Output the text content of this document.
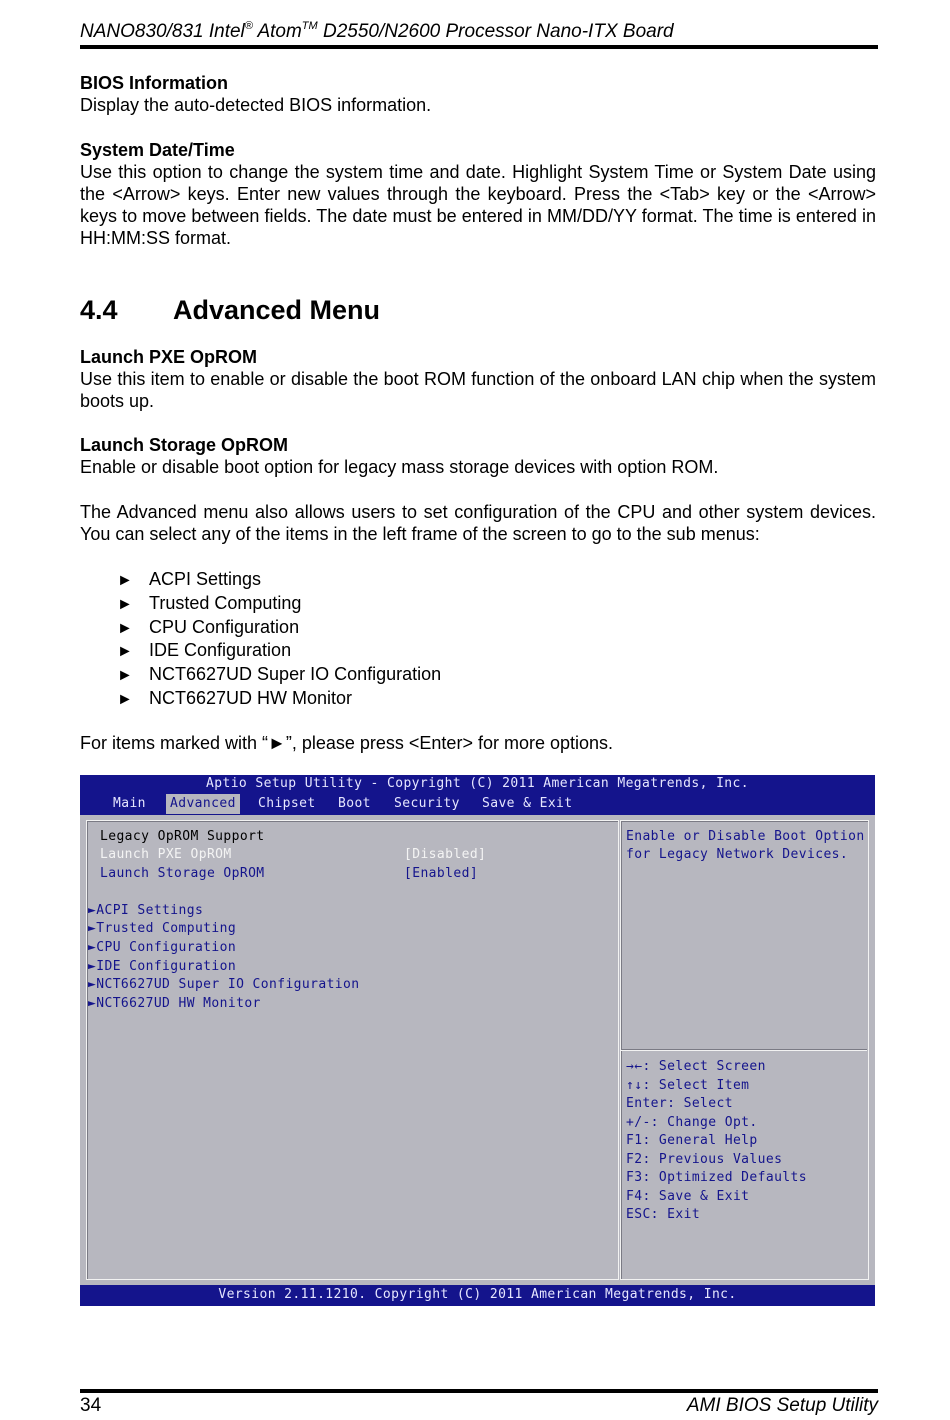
NANO830/831 Intel® Atom™ D2550/N2600 Processor Nano-ITX Board
BIOS Information

Display the auto-detected BIOS information.

System Date/Time

Use this option to change the system time and date. Highlight System Time or System Date using the <Arrow> keys. Enter new values through the keyboard. Press the <Tab> key or the <Arrow> keys to move between fields. The date must be entered in MM/DD/YY format. The time is entered in HH:MM:SS format.

4.4 Advanced Menu
Launch PXE OpROM

Use this item to enable or disable the boot ROM function of the onboard LAN chip when the system boots up.

Launch Storage OpROM

Enable or disable boot option for legacy mass storage devices with option ROM.

The Advanced menu also allows users to set configuration of the CPU and other system devices. You can select any of the items in the left frame of the screen to go to the sub menus:

► ACPI Settings
► Trusted Computing
► CPU Configuration
► IDE Configuration
► NCT6627UD Super IO Configuration
► NCT6627UD HW Monitor

For items marked with “►”, please press <Enter> for more options.

Aptio Setup Utility - Copyright (C) 2011 American Megatrends, Inc.
Main	Advanced	Chipset	Boot	Security	Save & Exit
Legacy OpROM Support
Launch PXE OpROM	[Disabled]
Launch Storage OpROM	[Enabled]
►ACPI Settings
►Trusted Computing
►CPU Configuration
►IDE Configuration
►NCT6627UD Super IO Configuration
►NCT6627UD HW Monitor
Enable or Disable Boot Option
for Legacy Network Devices.
→←: Select Screen
↑↓: Select Item
Enter: Select
+/-: Change Opt.
F1: General Help
F2: Previous Values
F3: Optimized Defaults
F4: Save & Exit
ESC: Exit
Version 2.11.1210. Copyright (C) 2011 American Megatrends, Inc.
34	AMI BIOS Setup Utility
